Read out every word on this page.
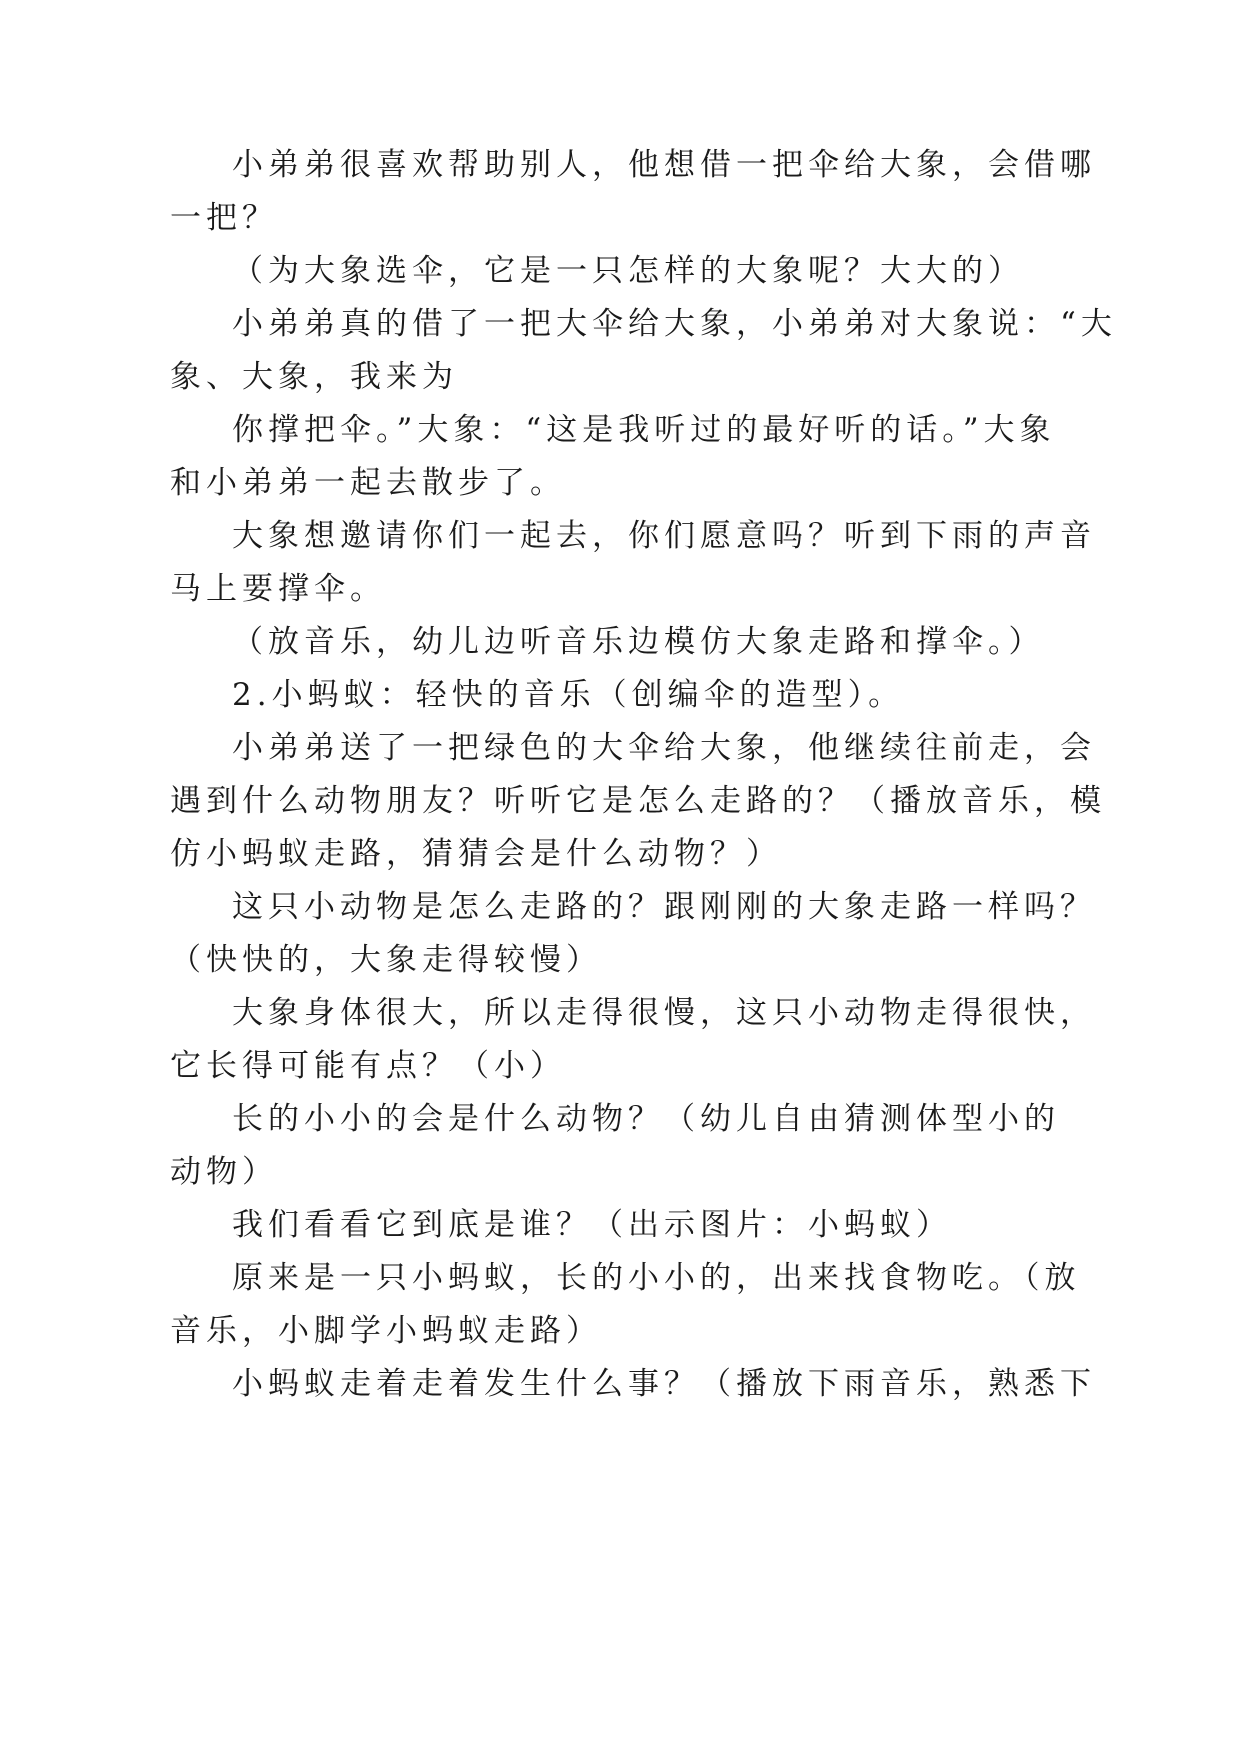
小弟弟很喜欢帮助别人，他想借一把伞给大象，会借哪
一把？
（为大象选伞，它是一只怎样的大象呢？大大的）
小弟弟真的借了一把大伞给大象，小弟弟对大象说：“大
象、大象，我来为
你撑把伞。”大象：“这是我听过的最好听的话。”大象
和小弟弟一起去散步了。
大象想邀请你们一起去，你们愿意吗？听到下雨的声音
马上要撑伞。
（放音乐，幼儿边听音乐边模仿大象走路和撑伞。）
2.小蚂蚁：轻快的音乐（创编伞的造型）。
小弟弟送了一把绿色的大伞给大象，他继续往前走，会
遇到什么动物朋友？听听它是怎么走路的？（播放音乐，模
仿小蚂蚁走路，猜猜会是什么动物？）
这只小动物是怎么走路的？跟刚刚的大象走路一样吗？
（快快的，大象走得较慢）
大象身体很大，所以走得很慢，这只小动物走得很快，
它长得可能有点？（小）
长的小小的会是什么动物？（幼儿自由猜测体型小的
动物）
我们看看它到底是谁？（出示图片：小蚂蚁）
原来是一只小蚂蚁，长的小小的，出来找食物吃。（放
音乐，小脚学小蚂蚁走路）
小蚂蚁走着走着发生什么事？（播放下雨音乐，熟悉下
